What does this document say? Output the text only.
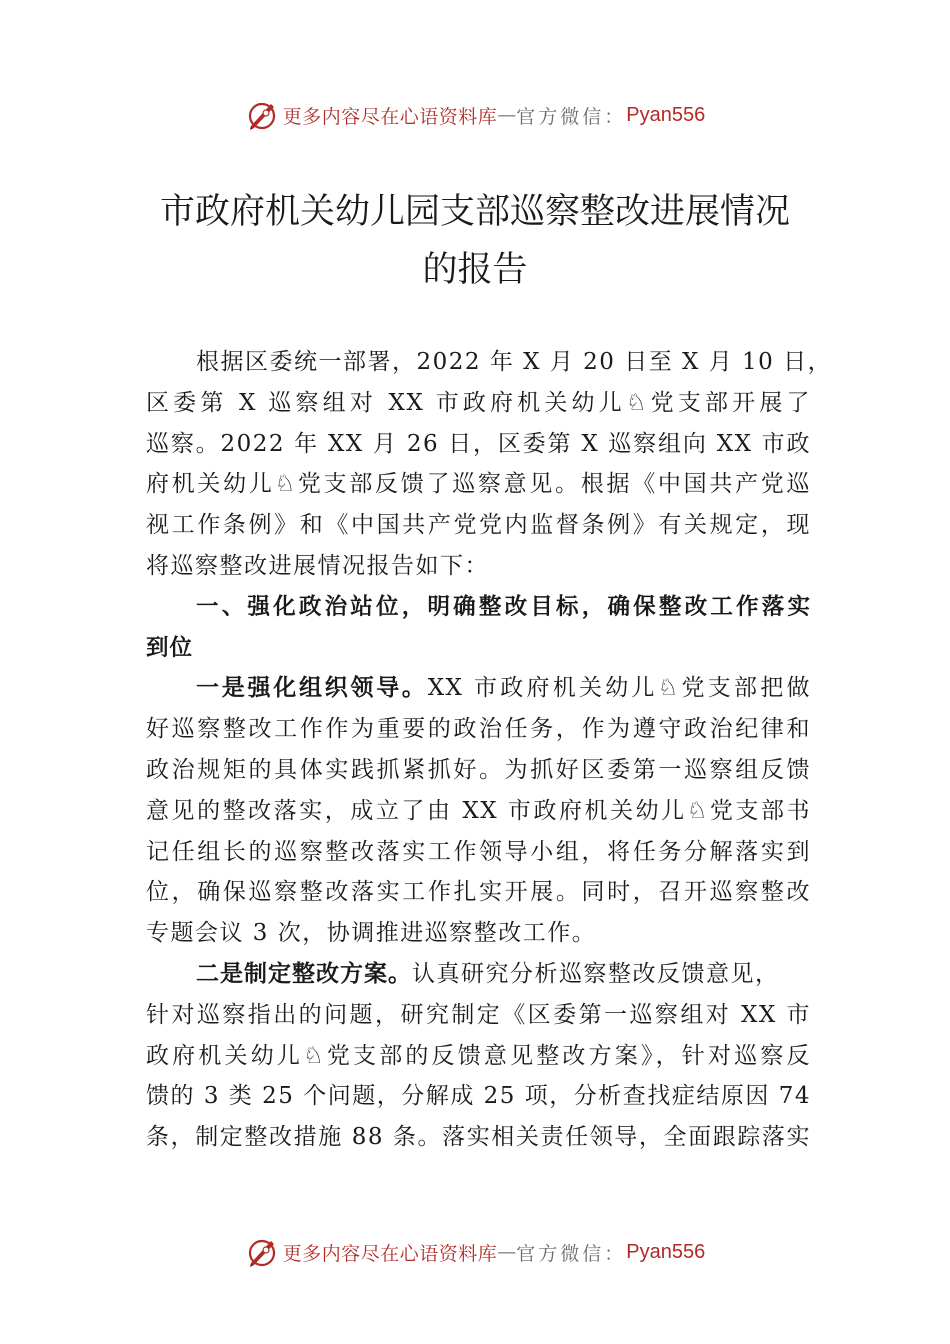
更多内容尽在心语资料库 — 官方微信： Pyan556
市政府机关幼儿园支部巡察整改进展情况
的报告
根据区委统一部署，2022 年 X 月 20 日至 X 月 10 日，
区委第 X 巡察组对 XX 市政府机关幼儿♘党支部开展了
巡察。2022 年 XX 月 26 日，区委第 X 巡察组向 XX 市政
府机关幼儿♘党支部反馈了巡察意见。根据《中国共产党巡
视工作条例》和《中国共产党党内监督条例》有关规定，现
将巡察整改进展情况报告如下：
一、强化政治站位，明确整改目标，确保整改工作落实
到位
一是强化组织领导。XX 市政府机关幼儿♘党支部把做
好巡察整改工作作为重要的政治任务，作为遵守政治纪律和
政治规矩的具体实践抓紧抓好。为抓好区委第一巡察组反馈
意见的整改落实，成立了由 XX 市政府机关幼儿♘党支部书
记任组长的巡察整改落实工作领导小组，将任务分解落实到
位，确保巡察整改落实工作扎实开展。同时，召开巡察整改
专题会议 3 次，协调推进巡察整改工作。
二是制定整改方案。认真研究分析巡察整改反馈意见，
针对巡察指出的问题，研究制定《区委第一巡察组对 XX 市
政府机关幼儿♘党支部的反馈意见整改方案》，针对巡察反
馈的 3 类 25 个问题，分解成 25 项，分析查找症结原因 74
条，制定整改措施 88 条。落实相关责任领导，全面跟踪落实
更多内容尽在心语资料库 — 官方微信： Pyan556
